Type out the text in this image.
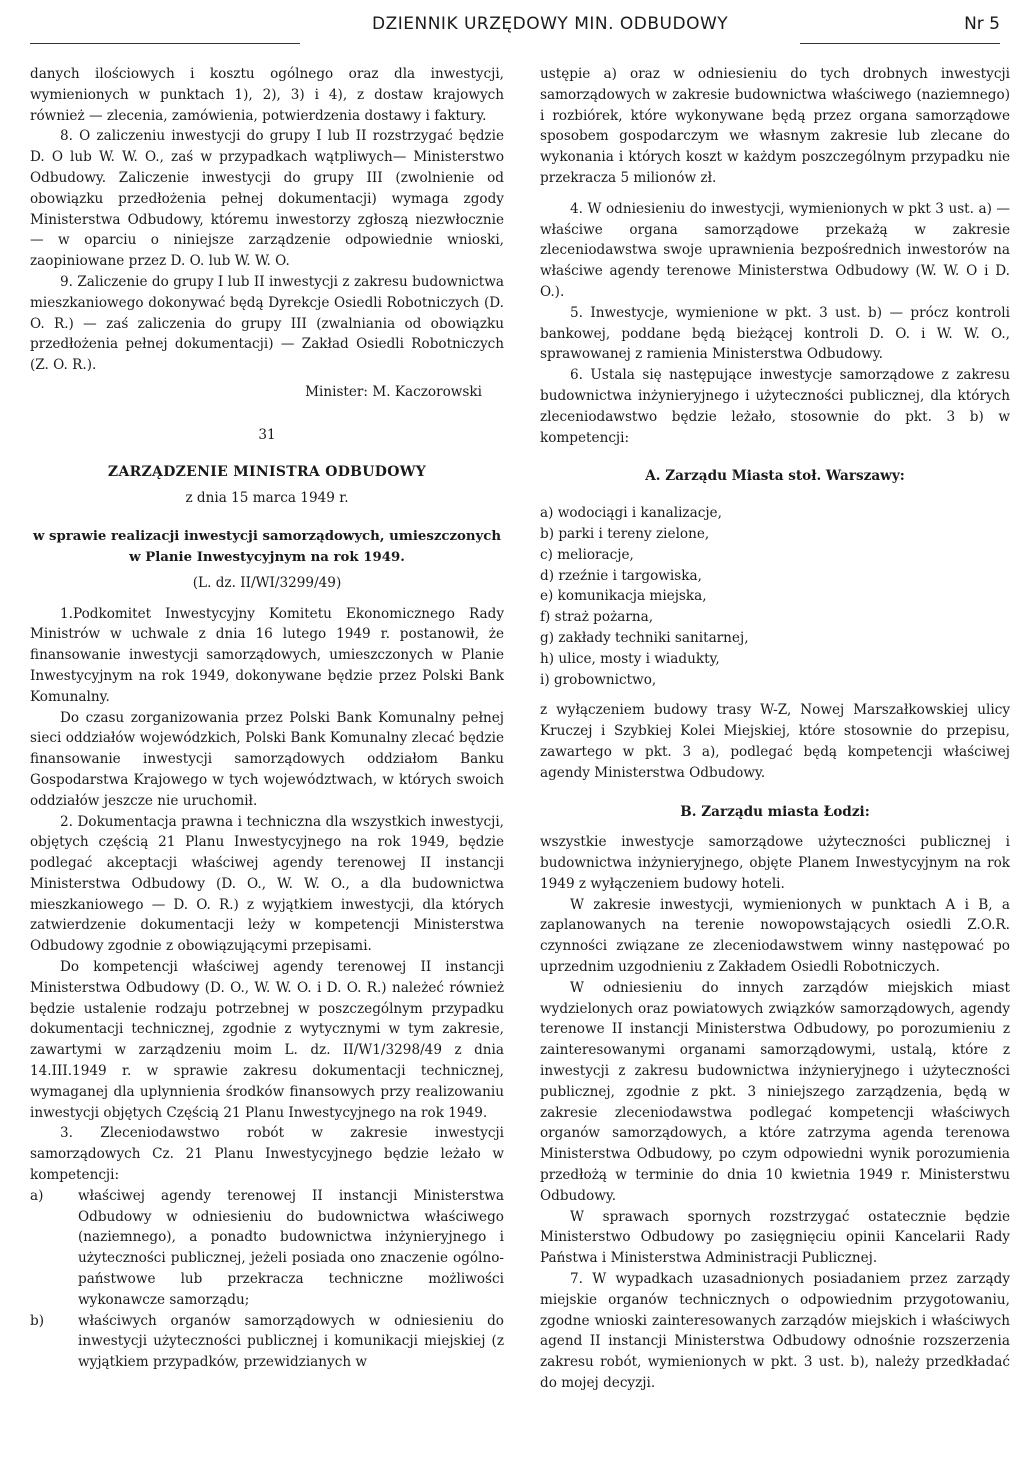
DZIENNIK URZĘDOWY MIN. ODBUDOWY	Nr 5

danych ilościowych i kosztu ogólnego oraz dla inwestycji, wymienionych w punktach 1), 2), 3) i 4), z dostaw krajowych również — zlecenia, zamówienia, potwierdzenia dostawy i faktury.

8. O zaliczeniu inwestycji do grupy I lub II rozstrzygać będzie D. O lub W. W. O., zaś w przypadkach wątpliwych— Ministerstwo Odbudowy. Zaliczenie inwestycji do grupy III (zwolnienie od obowiązku przedłożenia pełnej dokumentacji) wymaga zgody Ministerstwa Odbudowy, któremu inwestorzy zgłoszą niezwłocznie — w oparciu o niniejsze zarządzenie odpowiednie wnioski, zaopiniowane przez D. O. lub W. W. O.

9. Zaliczenie do grupy I lub II inwestycji z zakresu budownictwa mieszkaniowego dokonywać będą Dyrekcje Osiedli Robotniczych (D. O. R.) — zaś zaliczenia do grupy III (zwalniania od obowiązku przedłożenia pełnej dokumentacji) — Zakład Osiedli Robotniczych (Z. O. R.).

Minister: M. Kaczorowski

31

ZARZĄDZENIE MINISTRA ODBUDOWY

z dnia 15 marca 1949 r.

w sprawie realizacji inwestycji samorządowych, umieszczonych w Planie Inwestycyjnym na rok 1949.

(L. dz. II/WI/3299/49)

1.Podkomitet Inwestycyjny Komitetu Ekonomicznego Rady Ministrów w uchwale z dnia 16 lutego 1949 r. postanowił, że finansowanie inwestycji samorządowych, umieszczonych w Planie Inwestycyjnym na rok 1949, dokonywane będzie przez Polski Bank Komunalny.

Do czasu zorganizowania przez Polski Bank Komunalny pełnej sieci oddziałów wojewódzkich, Polski Bank Komunalny zlecać będzie finansowanie inwestycji samorządowych oddziałom Banku Gospodarstwa Krajowego w tych województwach, w których swoich oddziałów jeszcze nie uruchomił.

2. Dokumentacja prawna i techniczna dla wszystkich inwestycji, objętych częścią 21 Planu Inwestycyjnego na rok 1949, będzie podlegać akceptacji właściwej agendy terenowej II instancji Ministerstwa Odbudowy (D. O., W. W. O., a dla budownictwa mieszkaniowego — D. O. R.) z wyjątkiem inwestycji, dla których zatwierdzenie dokumentacji leży w kompetencji Ministerstwa Odbudowy zgodnie z obowiązującymi przepisami.

Do kompetencji właściwej agendy terenowej II instancji Ministerstwa Odbudowy (D. O., W. W. O. i D. O. R.) należeć również będzie ustalenie rodzaju potrzebnej w poszczególnym przypadku dokumentacji technicznej, zgodnie z wytycznymi w tym zakresie, zawartymi w zarządzeniu moim L. dz. II/W1/3298/49 z dnia 14.III.1949 r. w sprawie zakresu dokumentacji technicznej, wymaganej dla uplynnienia środków finansowych przy realizowaniu inwestycji objętych Częścią 21 Planu Inwestycyjnego na rok 1949.

3. Zleceniodawstwo robót w zakresie inwestycji samorządowych Cz. 21 Planu Inwestycyjnego będzie leżało w kompetencji:

a)	właściwej agendy terenowej II instancji Ministerstwa Odbudowy w odniesieniu do budownictwa właściwego (naziemnego), a ponadto budownictwa inżynieryjnego i użyteczności publicznej, jeżeli posiada ono znaczenie ogólno-państwowe lub przekracza techniczne możliwości wykonawcze samorządu;
b) właściwych organów samorządowych w odniesieniu do inwestycji użyteczności publicznej i komunikacji miejskiej (z wyjątkiem przypadków, przewidzianych w

ustępie a) oraz w odniesieniu do tych drobnych inwestycji samorządowych w zakresie budownictwa właściwego (naziemnego) i rozbiórek, które wykonywane będą przez organa samorządowe sposobem gospodarczym we własnym zakresie lub zlecane do wykonania i których koszt w każdym poszczególnym przypadku nie przekracza 5 milionów zł.

4. W odniesieniu do inwestycji, wymienionych w pkt 3 ust. a) — właściwe organa samorządowe przekażą w zakresie zleceniodawstwa swoje uprawnienia bezpośrednich inwestorów na właściwe agendy terenowe Ministerstwa Odbudowy (W. W. O i D. O.).

5. Inwestycje, wymienione w pkt. 3 ust. b) — prócz kontroli bankowej, poddane będą bieżącej kontroli D. O. i W. W. O., sprawowanej z ramienia Ministerstwa Odbudowy.

6. Ustala się następujące inwestycje samorządowe z zakresu budownictwa inżynieryjnego i użyteczności publicznej, dla których zleceniodawstwo będzie leżało, stosownie do pkt. 3 b) w kompetencji:

A. Zarządu Miasta stoł. Warszawy:

a) wodociągi i kanalizacje,
b) parki i tereny zielone,
c) melioracje,
d) rzeźnie i targowiska,
e) komunikacja miejska,
f) straż pożarna,
g) zakłady techniki sanitarnej,
h) ulice, mosty i wiadukty,
i) grobownictwo,

z wyłączeniem budowy trasy W-Z, Nowej Marszałkowskiej ulicy Kruczej i Szybkiej Kolei Miejskiej, które stosownie do przepisu, zawartego w pkt. 3 a), podlegać będą kompetencji właściwej agendy Ministerstwa Odbudowy.

B. Zarządu miasta Łodzi:

wszystkie inwestycje samorządowe użyteczności publicznej i budownictwa inżynieryjnego, objęte Planem Inwestycyjnym na rok 1949 z wyłączeniem budowy hoteli.

W zakresie inwestycji, wymienionych w punktach A i B, a zaplanowanych na terenie nowopowstających osiedli Z.O.R. czynności związane ze zleceniodawstwem winny następować po uprzednim uzgodnieniu z Zakładem Osiedli Robotniczych.

W odniesieniu do innych zarządów miejskich miast wydzielonych oraz powiatowych związków samorządowych, agendy terenowe II instancji Ministerstwa Odbudowy, po porozumieniu z zainteresowanymi organami samorządowymi, ustalą, które z inwestycji z zakresu budownictwa inżynieryjnego i użyteczności publicznej, zgodnie z pkt. 3 niniejszego zarządzenia, będą w zakresie zleceniodawstwa podlegać kompetencji właściwych organów samorządowych, a które zatrzyma agenda terenowa Ministerstwa Odbudowy, po czym odpowiedni wynik porozumienia przedłożą w terminie do dnia 10 kwietnia 1949 r. Ministerstwu Odbudowy.

W sprawach spornych rozstrzygać ostatecznie będzie Ministerstwo Odbudowy po zasięgnięciu opinii Kancelarii Rady Państwa i Ministerstwa Administracji Publicznej.

7. W wypadkach uzasadnionych posiadaniem przez zarządy miejskie organów technicznych o odpowiednim przygotowaniu, zgodne wnioski zainteresowanych zarządów miejskich i właściwych agend II instancji Ministerstwa Odbudowy odnośnie rozszerzenia zakresu robót, wymienionych w pkt. 3 ust. b), należy przedkładać do mojej decyzji.
